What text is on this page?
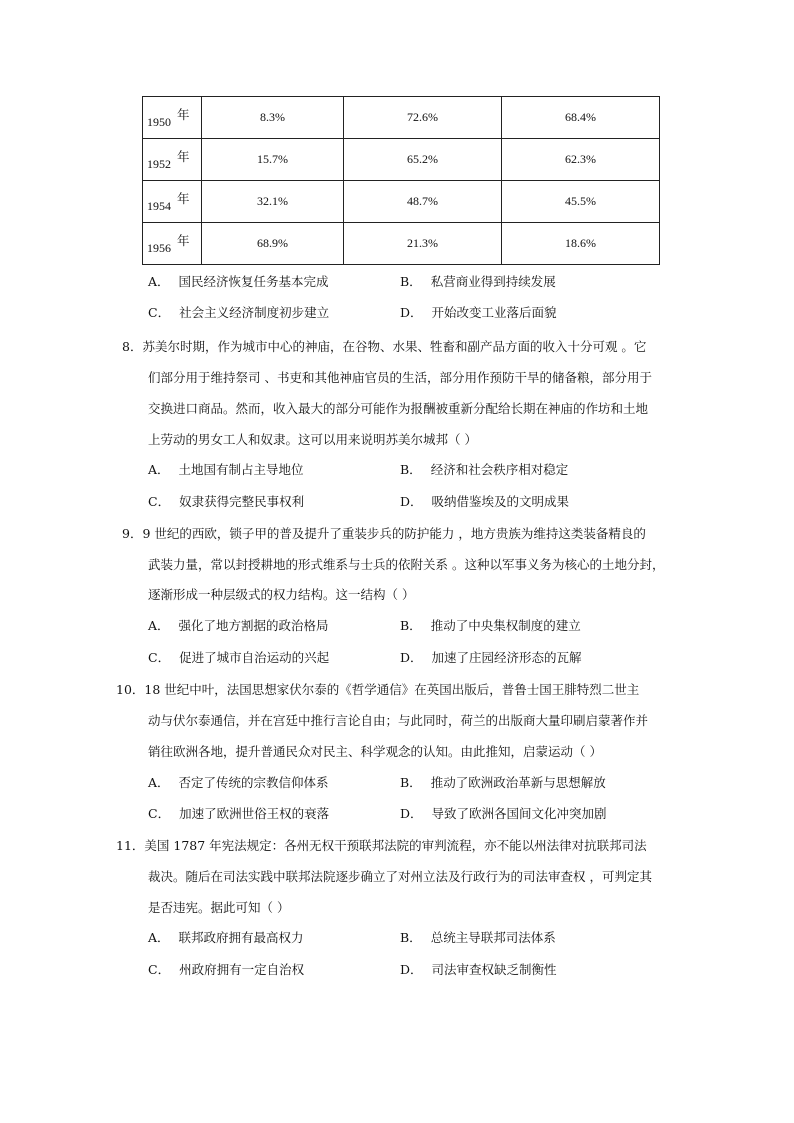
1950 年	8.3%	72.6%	68.4%
1952 年	15.7%	65.2%	62.3%
1954 年	32.1%	48.7%	45.5%
1956 年	68.9%	21.3%	18.6%
A． 国民经济恢复任务基本完成	B． 私营商业得到持续发展
C． 社会主义经济制度初步建立	D． 开始改变工业落后面貌
8．苏美尔时期，作为城市中心的神庙，在谷物、水果、牲畜和副产品方面的收入十分可观 。它
们部分用于维持祭司 、书吏和其他神庙官员的生活，部分用作预防干旱的储备粮，部分用于
交换进口商品。然而，收入最大的部分可能作为报酬被重新分配给长期在神庙的作坊和土地
上劳动的男女工人和奴隶。这可以用来说明苏美尔城邦（ ）
A． 土地国有制占主导地位	B． 经济和社会秩序相对稳定
C． 奴隶获得完整民事权利	D． 吸纳借鉴埃及的文明成果
9．9 世纪的西欧，锁子甲的普及提升了重装步兵的防护能力 ，地方贵族为维持这类装备精良的
武装力量，常以封授耕地的形式维系与士兵的依附关系 。这种以军事义务为核心的土地分封，
逐渐形成一种层级式的权力结构。这一结构（ ）
A． 强化了地方割据的政治格局	B． 推动了中央集权制度的建立
C． 促进了城市自治运动的兴起	D． 加速了庄园经济形态的瓦解
10．18 世纪中叶，法国思想家伏尔泰的《哲学通信》在英国出版后，普鲁士国王腓特烈二世主
动与伏尔泰通信，并在宫廷中推行言论自由；与此同时，荷兰的出版商大量印刷启蒙著作并
销往欧洲各地，提升普通民众对民主、科学观念的认知。由此推知，启蒙运动（ ）
A． 否定了传统的宗教信仰体系	B． 推动了欧洲政治革新与思想解放
C． 加速了欧洲世俗王权的衰落	D． 导致了欧洲各国间文化冲突加剧
11．美国 1787 年宪法规定：各州无权干预联邦法院的审判流程，亦不能以州法律对抗联邦司法
裁决。随后在司法实践中联邦法院逐步确立了对州立法及行政行为的司法审查权 ，可判定其
是否违宪。据此可知（ ）
A． 联邦政府拥有最高权力	B． 总统主导联邦司法体系
C． 州政府拥有一定自治权	D． 司法审查权缺乏制衡性
